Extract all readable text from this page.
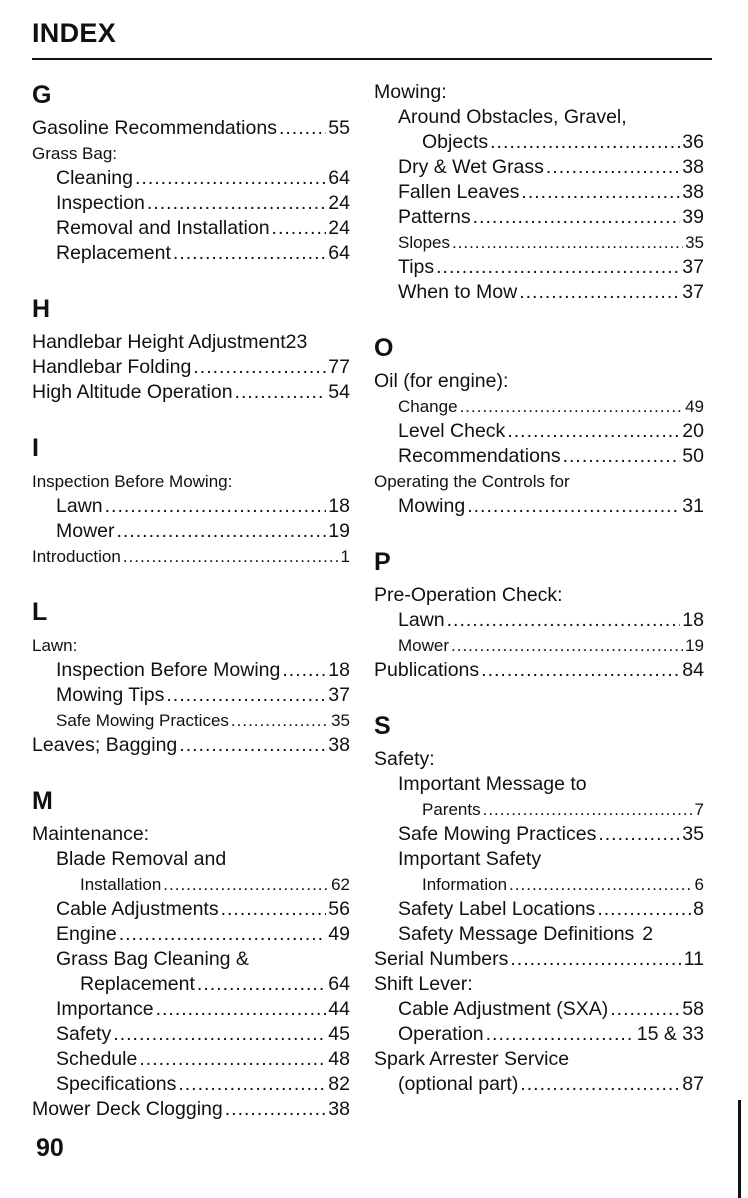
INDEX
G
Gasoline Recommendations .....	55
Grass Bag:
Cleaning .....	64
Inspection .....	24
Removal and Installation .....	24
Replacement .....	64
H
Handlebar Height Adjustment 23
Handlebar Folding .....	77
High Altitude Operation .....	54
I
Inspection Before Mowing:
Lawn .....	18
Mower .....	19
Introduction .....	1
L
Lawn:
Inspection Before Mowing ..... 18
Mowing Tips .....	37
Safe Mowing Practices .....	35
Leaves; Bagging .....	38
M
Maintenance:
Blade Removal and
Installation .....	62
Cable Adjustments .....	56
Engine .....	49
Grass Bag Cleaning &
Replacement .....	64
Importance .....	44
Safety .....	45
Schedule .....	48
Specifications .....	82
Mower Deck Clogging .....	38
Mowing:
Around Obstacles, Gravel,
Objects .....	36
Dry & Wet Grass .....	38
Fallen Leaves .....	38
Patterns .....	39
Slopes .....	35
Tips .....	37
When to Mow .....	37
O
Oil (for engine):
Change .....	49
Level Check .....	20
Recommendations .....	50
Operating the Controls for
Mowing .....	31
P
Pre-Operation Check:
Lawn .....	18
Mower .....	19
Publications .....	84
S
Safety:
Important Message to
Parents .....	7
Safe Mowing Practices .....	35
Important Safety
Information .....	6
Safety Label Locations .....	8
Safety Message Definitions 2
Serial Numbers .....	11
Shift Lever:
Cable Adjustment (SXA) .....	58
Operation .....	15 & 33
Spark Arrester Service
(optional part) .....	87
90
